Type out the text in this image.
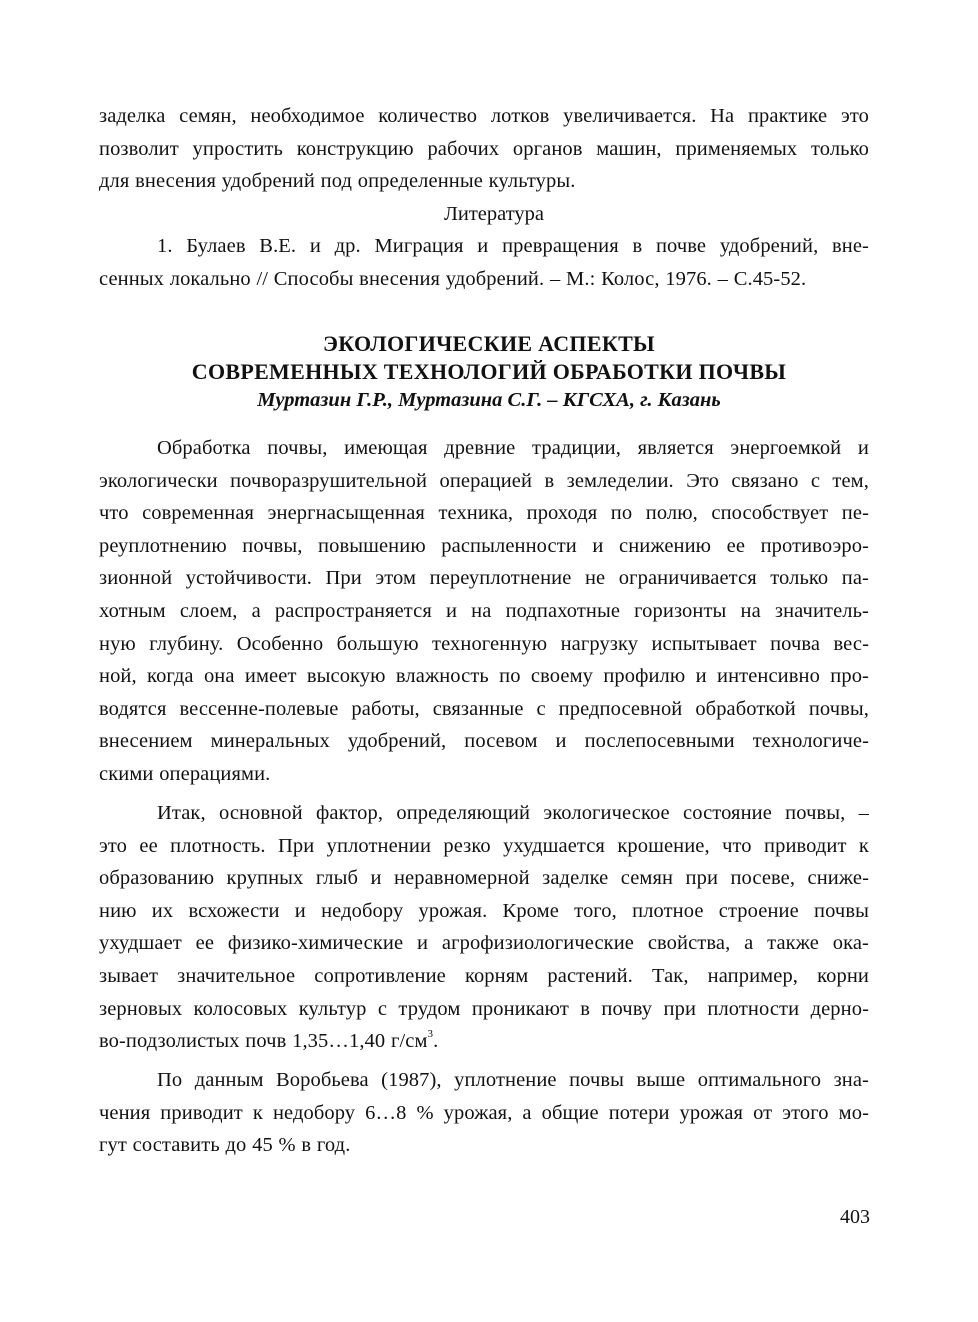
заделка семян, необходимое количество лотков увеличивается. На практике это
позволит упростить конструкцию рабочих органов машин, применяемых только
для внесения удобрений под определенные культуры.
Литература
1. Булаев В.Е. и др. Миграция и превращения в почве удобрений, вне-
сенных локально // Способы внесения удобрений. – М.: Колос, 1976. – С.45-52.
ЭКОЛОГИЧЕСКИЕ АСПЕКТЫ
СОВРЕМЕННЫХ ТЕХНОЛОГИЙ ОБРАБОТКИ ПОЧВЫ
Муртазин Г.Р., Муртазина С.Г. – КГСХА, г. Казань
Обработка почвы, имеющая древние традиции, является энергоемкой и
экологически почворазрушительной операцией в земледелии. Это связано с тем,
что современная энергнасыщенная техника, проходя по полю, способствует пе-
реуплотнению почвы, повышению распыленности и снижению ее противоэро-
зионной устойчивости. При этом переуплотнение не ограничивается только па-
хотным слоем, а распространяется и на подпахотные горизонты на значитель-
ную глубину. Особенно большую техногенную нагрузку испытывает почва вес-
ной, когда она имеет высокую влажность по своему профилю и интенсивно про-
водятся вессенне-полевые работы, связанные с предпосевной обработкой почвы,
внесением минеральных удобрений, посевом и послепосевными технологиче-
скими операциями.
Итак, основной фактор, определяющий экологическое состояние почвы, –
это ее плотность. При уплотнении резко ухудшается крошение, что приводит к
образованию крупных глыб и неравномерной заделке семян при посеве, сниже-
нию их всхожести и недобору урожая. Кроме того, плотное строение почвы
ухудшает ее физико-химические и агрофизиологические свойства, а также ока-
зывает значительное сопротивление корням растений. Так, например, корни
зерновых колосовых культур с трудом проникают в почву при плотности дерно-
во-подзолистых почв 1,35…1,40 $г/см^3$.
По данным Воробьева (1987), уплотнение почвы выше оптимального зна-
чения приводит к недобору 6…8 % урожая, а общие потери урожая от этого мо-
гут составить до 45 % в год.
403
